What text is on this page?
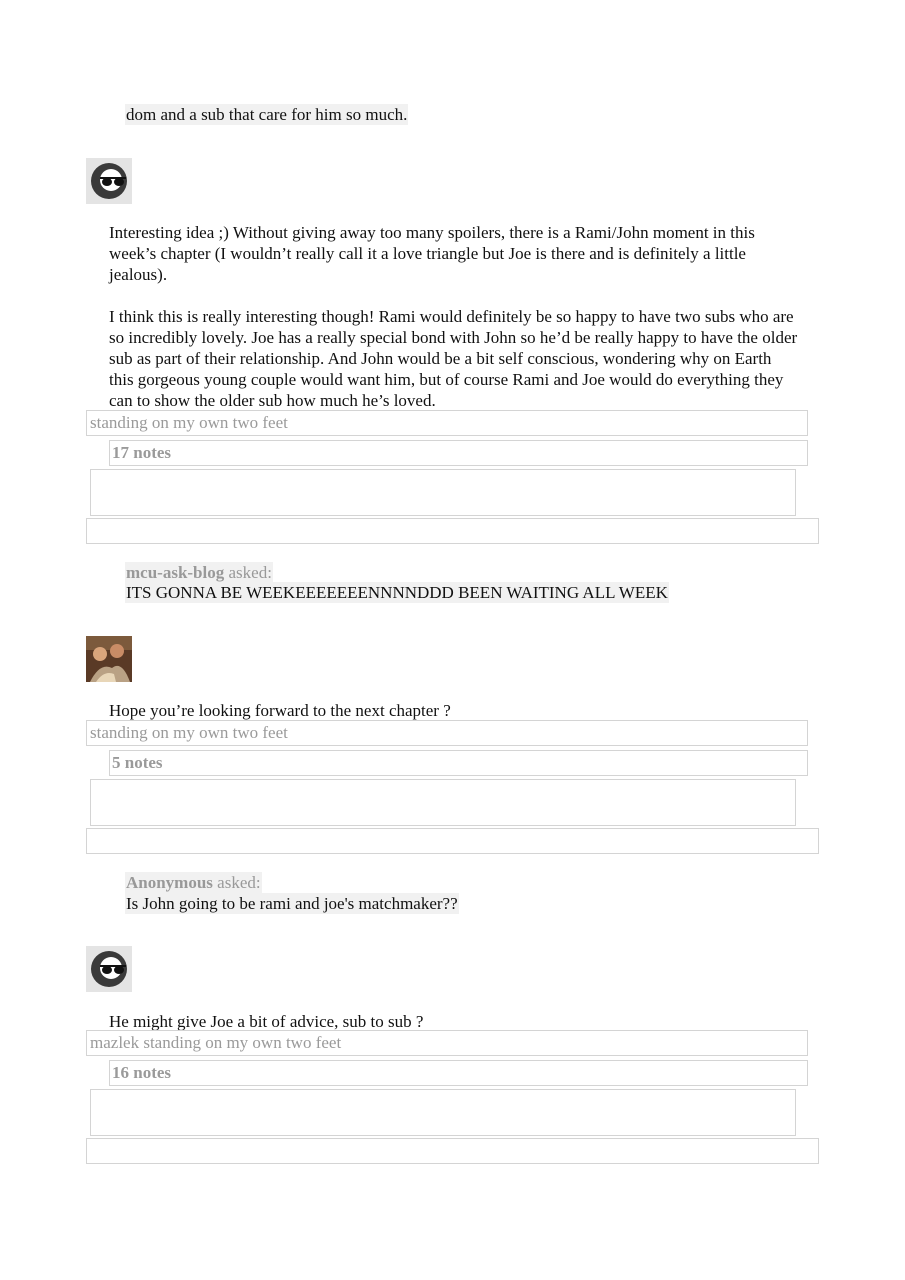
dom and a sub that care for him so much.

Interesting idea ;) Without giving away too many spoilers, there is a Rami/John moment in this week’s chapter (I wouldn’t really call it a love triangle but Joe is there and is definitely a little jealous).

I think this is really interesting though! Rami would definitely be so happy to have two subs who are so incredibly lovely. Joe has a really special bond with John so he’d be really happy to have the older sub as part of their relationship. And John would be a bit self conscious, wondering why on Earth this gorgeous young couple would want him, but of course Rami and Joe would do everything they can to show the older sub how much he’s loved.

standing on my own two feet
17 notes
mcu-ask-blog asked:
ITS GONNA BE WEEKEEEEEEENNNNDDD BEEN WAITING ALL WEEK

Hope you’re looking forward to the next chapter ?

standing on my own two feet
5 notes
Anonymous asked:
Is John going to be rami and joe's matchmaker??

He might give Joe a bit of advice, sub to sub ?

mazlek standing on my own two feet
16 notes
